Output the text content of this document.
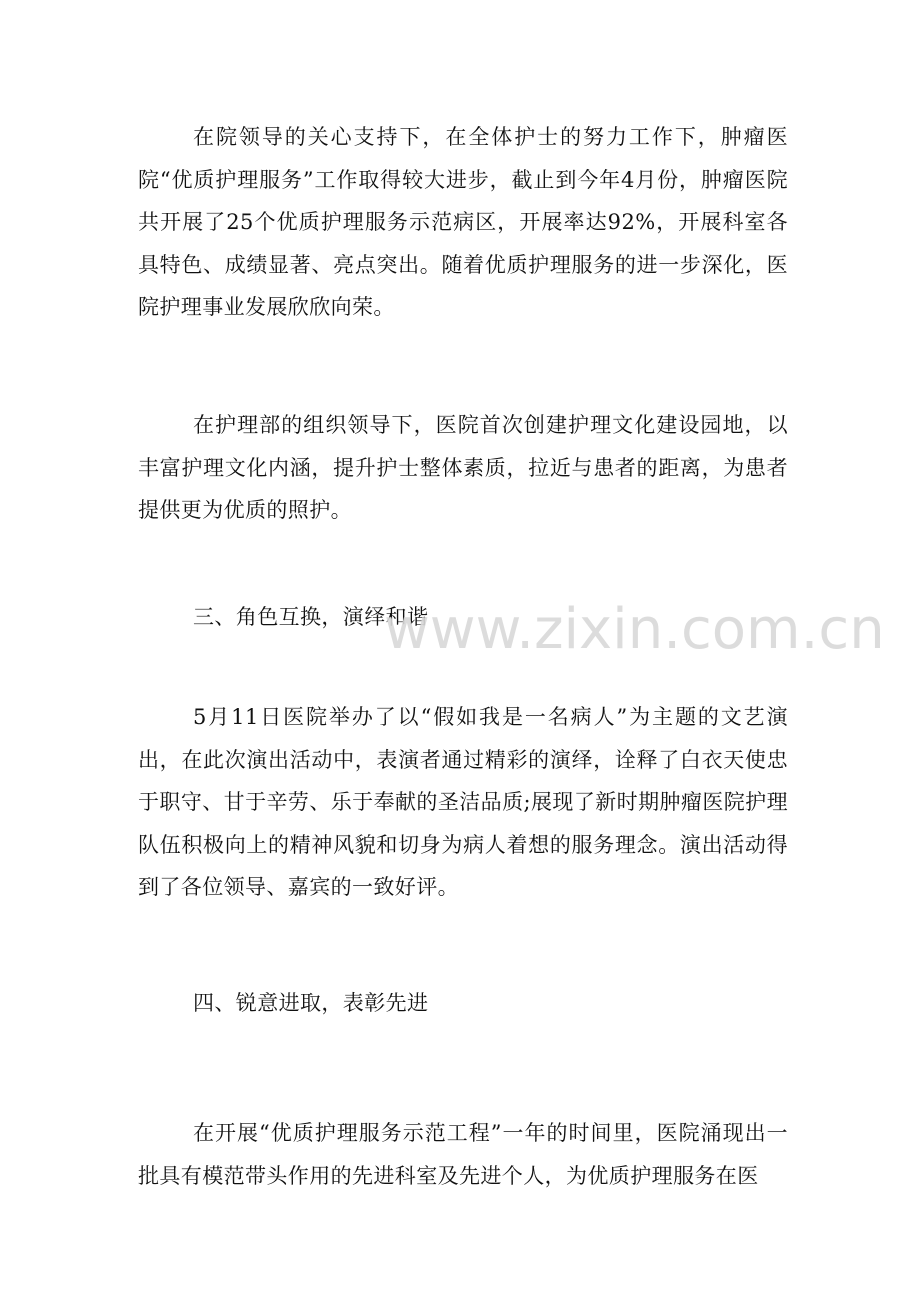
在院领导的关心支持下，在全体护士的努力工作下，肿瘤医院“优质护理服务”工作取得较大进步，截止到今年4月份，肿瘤医院共开展了25个优质护理服务示范病区，开展率达92%，开展科室各具特色、成绩显著、亮点突出。随着优质护理服务的进一步深化，医院护理事业发展欣欣向荣。

在护理部的组织领导下，医院首次创建护理文化建设园地，以丰富护理文化内涵，提升护士整体素质，拉近与患者的距离，为患者提供更为优质的照护。

三、角色互换，演绎和谐

5月11日医院举办了以“假如我是一名病人”为主题的文艺演出，在此次演出活动中，表演者通过精彩的演绎，诠释了白衣天使忠于职守、甘于辛劳、乐于奉献的圣洁品质;展现了新时期肿瘤医院护理队伍积极向上的精神风貌和切身为病人着想的服务理念。演出活动得到了各位领导、嘉宾的一致好评。

四、锐意进取，表彰先进

在开展“优质护理服务示范工程”一年的时间里，医院涌现出一批具有模范带头作用的先进科室及先进个人，为优质护理服务在医

www.zixin.com.cn
